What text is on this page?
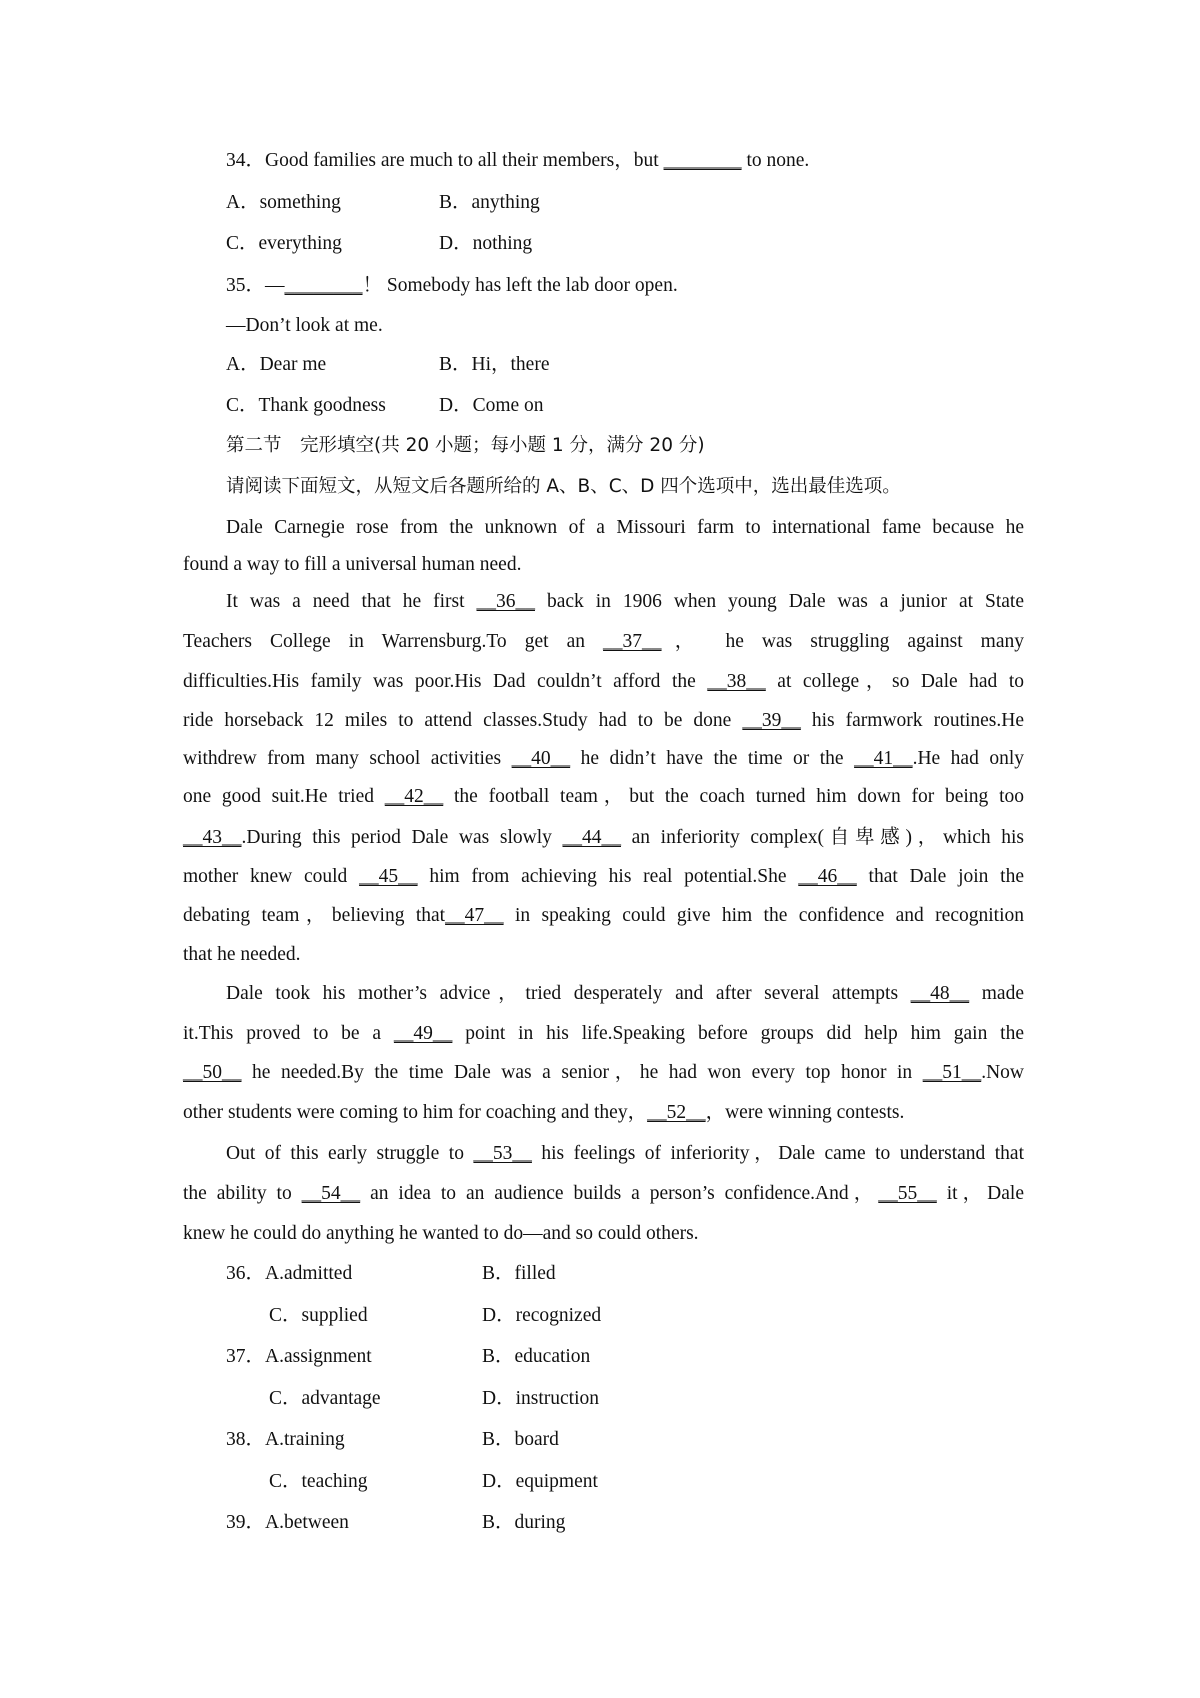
34．Good families are much to all their members，but ________ to none.
A．something	B．anything
C．everything	D．nothing
35．—________！ Somebody has left the lab door open.
—Don’t look at me.
A．Dear me	B．Hi，there
C．Thank goodness	D．Come on
第二节　完形填空(共 20 小题；每小题 1 分，满分 20 分)
请阅读下面短文，从短文后各题所给的 A、B、C、D 四个选项中，选出最佳选项。
Dale Carnegie rose from the unknown of a Missouri farm to international fame because he
found a way to fill a universal human need.
It was a need that he first __36__ back in 1906 when young Dale was a junior at State
Teachers College in Warrensburg.To get an __37__， he was struggling against many
difficulties.His family was poor.His Dad couldn’t afford the __38__ at college，so Dale had to
ride horseback 12 miles to attend classes.Study had to be done __39__ his farmwork routines.He
withdrew from many school activities __40__ he didn’t have the time or the __41__.He had only
one good suit.He tried __42__ the football team，but the coach turned him down for being too
__43__.During this period Dale was slowly __44__ an inferiority complex(自卑感)，which his
mother knew could __45__ him from achieving his real potential.She __46__ that Dale join the
debating team，believing that__47__ in speaking could give him the confidence and recognition
that he needed.
Dale took his mother’s advice，tried desperately and after several attempts __48__ made
it.This proved to be a __49__ point in his life.Speaking before groups did help him gain the
__50__ he needed.By the time Dale was a senior，he had won every top honor in __51__.Now
other students were coming to him for coaching and they，__52__，were winning contests.
Out of this early struggle to __53__ his feelings of inferiority，Dale came to understand that
the ability to __54__ an idea to an audience builds a person’s confidence.And，__55__ it，Dale
knew he could do anything he wanted to do—and so could others.
36．A.admitted	B．filled
C．supplied	D．recognized
37．A.assignment	B．education
C．advantage	D．instruction
38．A.training	B．board
C．teaching	D．equipment
39．A.between	B．during
